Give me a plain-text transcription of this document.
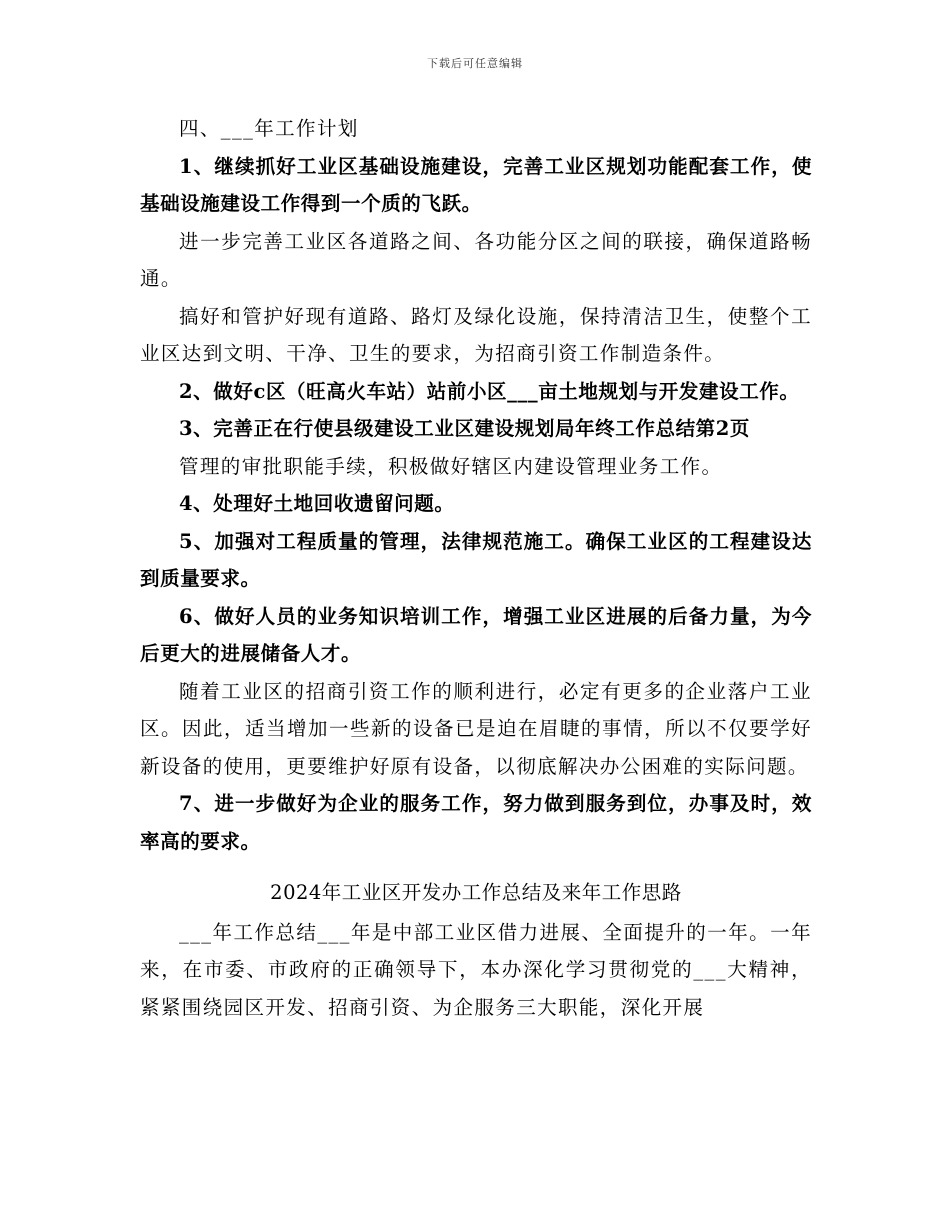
下载后可任意编辑

四、___年工作计划

1、继续抓好工业区基础设施建设，完善工业区规划功能配套工作，使基础设施建设工作得到一个质的飞跃。

进一步完善工业区各道路之间、各功能分区之间的联接，确保道路畅通。

搞好和管护好现有道路、路灯及绿化设施，保持清洁卫生，使整个工业区达到文明、干净、卫生的要求，为招商引资工作制造条件。

2、做好c区（旺高火车站）站前小区___亩土地规划与开发建设工作。

3、完善正在行使县级建设工业区建设规划局年终工作总结第2页

管理的审批职能手续，积极做好辖区内建设管理业务工作。

4、处理好土地回收遗留问题。

5、加强对工程质量的管理，法律规范施工。确保工业区的工程建设达到质量要求。

6、做好人员的业务知识培训工作，增强工业区进展的后备力量，为今后更大的进展储备人才。

随着工业区的招商引资工作的顺利进行，必定有更多的企业落户工业区。因此，适当增加一些新的设备已是迫在眉睫的事情，所以不仅要学好新设备的使用，更要维护好原有设备，以彻底解决办公困难的实际问题。

7、进一步做好为企业的服务工作，努力做到服务到位，办事及时，效率高的要求。

2024年工业区开发办工作总结及来年工作思路

___年工作总结___年是中部工业区借力进展、全面提升的一年。一年来，在市委、市政府的正确领导下，本办深化学习贯彻党的___大精神，紧紧围绕园区开发、招商引资、为企服务三大职能，深化开展
